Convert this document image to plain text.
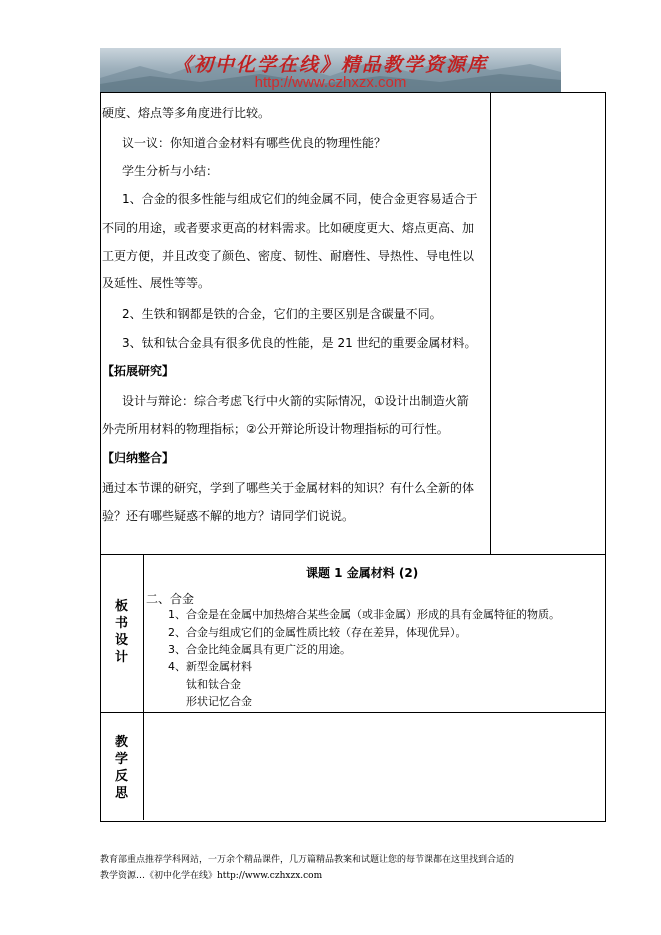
《初中化学在线》精品教学资源库
http://www.czhxzx.com
硬度、熔点等多角度进行比较。
议一议：你知道合金材料有哪些优良的物理性能？
学生分析与小结：
1、合金的很多性能与组成它们的纯金属不同，使合金更容易适合于
不同的用途，或者要求更高的材料需求。比如硬度更大、熔点更高、加
工更方便，并且改变了颜色、密度、韧性、耐磨性、导热性、导电性以
及延性、展性等等。
2、生铁和钢都是铁的合金，它们的主要区别是含碳量不同。
3、钛和钛合金具有很多优良的性能，是 21 世纪的重要金属材料。
【拓展研究】
设计与辩论：综合考虑飞行中火箭的实际情况，①设计出制造火箭
外壳所用材料的物理指标；②公开辩论所设计物理指标的可行性。
【归纳整合】
通过本节课的研究，学到了哪些关于金属材料的知识？有什么全新的体
验？还有哪些疑惑不解的地方？请同学们说说。
板
书
设
计
课题 1 金属材料 (2)
二、合金
1、合金是在金属中加热熔合某些金属（或非金属）形成的具有金属特征的物质。
2、合金与组成它们的金属性质比较（存在差异，体现优异）。
3、合金比纯金属具有更广泛的用途。
4、新型金属材料
钛和钛合金
形状记忆合金
教
学
反
思
教育部重点推荐学科网站，一万余个精品课件，几万篇精品教案和试题让您的每节课都在这里找到合适的
教学资源…《初中化学在线》http://www.czhxzx.com
